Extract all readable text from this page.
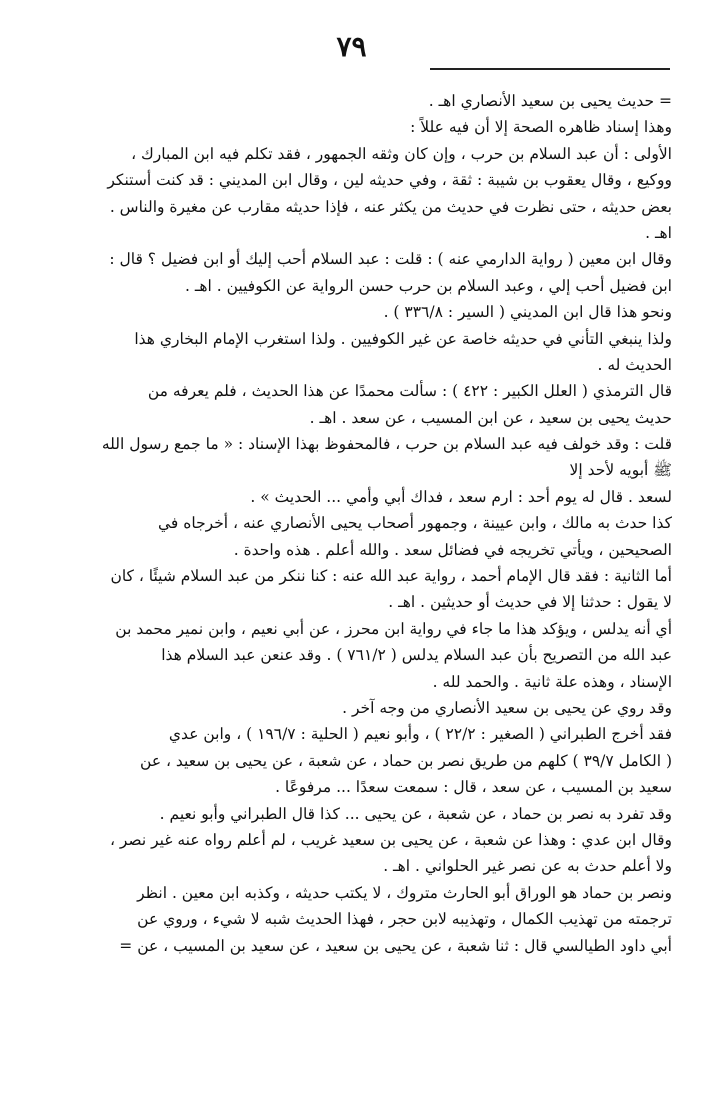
٧٩
= حديث يحيى بن سعيد الأنصاري اهـ .
وهذا إسناد ظاهره الصحة إلا أن فيه عللاً :
الأولى : أن عبد السلام بن حرب ، وإن كان وثقه الجمهور ، فقد تكلم فيه ابن المبارك ،
ووكيع ، وقال يعقوب بن شيبة : ثقة ، وفي حديثه لين ، وقال ابن المديني : قد كنت أستنكر
بعض حديثه ، حتى نظرت في حديث من يكثر عنه ، فإذا حديثه مقارب عن مغيرة والناس .
اهـ .
وقال ابن معين ( رواية الدارمي عنه ) : قلت : عبد السلام أحب إليك أو ابن فضيل ؟ قال :
ابن فضيل أحب إلي ، وعبد السلام بن حرب حسن الرواية عن الكوفيين . اهـ .
ونحو هذا قال ابن المديني ( السير : ٣٣٦/٨ ) .
ولذا ينبغي التأني في حديثه خاصة عن غير الكوفيين . ولذا استغرب الإمام البخاري هذا
الحديث له .
قال الترمذي ( العلل الكبير : ٤٢٢ ) : سألت محمدًا عن هذا الحديث ، فلم يعرفه من
حديث يحيى بن سعيد ، عن ابن المسيب ، عن سعد . اهـ .
قلت : وقد خولف فيه عبد السلام بن حرب ، فالمحفوظ بهذا الإسناد : « ما جمع رسول الله
ﷺ أبويه لأحد إلا
لسعد . قال له يوم أحد : ارم سعد ، فداك أبي وأمي ... الحديث » .
كذا حدث به مالك ، وابن عيينة ، وجمهور أصحاب يحيى الأنصاري عنه ، أخرجاه في
الصحيحين ، ويأتي تخريجه في فضائل سعد . والله أعلم . هذه واحدة .
أما الثانية : فقد قال الإمام أحمد ، رواية عبد الله عنه : كنا ننكر من عبد السلام شيئًا ، كان
لا يقول : حدثنا إلا في حديث أو حديثين . اهـ .
أي أنه يدلس ، ويؤكد هذا ما جاء في رواية ابن محرز ، عن أبي نعيم ، وابن نمير محمد بن
عبد الله من التصريح بأن عبد السلام يدلس ( ٧٦١/٢ ) . وقد عنعن عبد السلام هذا
الإسناد ، وهذه علة ثانية . والحمد لله .
وقد روي عن يحيى بن سعيد الأنصاري من وجه آخر .
فقد أخرج الطبراني ( الصغير : ٢٢/٢ ) ، وأبو نعيم ( الحلية : ١٩٦/٧ ) ، وابن عدي
( الكامل ٣٩/٧ ) كلهم من طريق نصر بن حماد ، عن شعبة ، عن يحيى بن سعيد ، عن
سعيد بن المسيب ، عن سعد ، قال : سمعت سعدًا ... مرفوعًا .
وقد تفرد به نصر بن حماد ، عن شعبة ، عن يحيى ... كذا قال الطبراني وأبو نعيم .
وقال ابن عدي : وهذا عن شعبة ، عن يحيى بن سعيد غريب ، لم أعلم رواه عنه غير نصر ،
ولا أعلم حدث به عن نصر غير الحلواني . اهـ .
ونصر بن حماد هو الوراق أبو الحارث متروك ، لا يكتب حديثه ، وكذبه ابن معين . انظر
ترجمته من تهذيب الكمال ، وتهذيبه لابن حجر ، فهذا الحديث شبه لا شيء ، وروي عن
أبي داود الطيالسي قال : ثنا شعبة ، عن يحيى بن سعيد ، عن سعيد بن المسيب ، عن =
